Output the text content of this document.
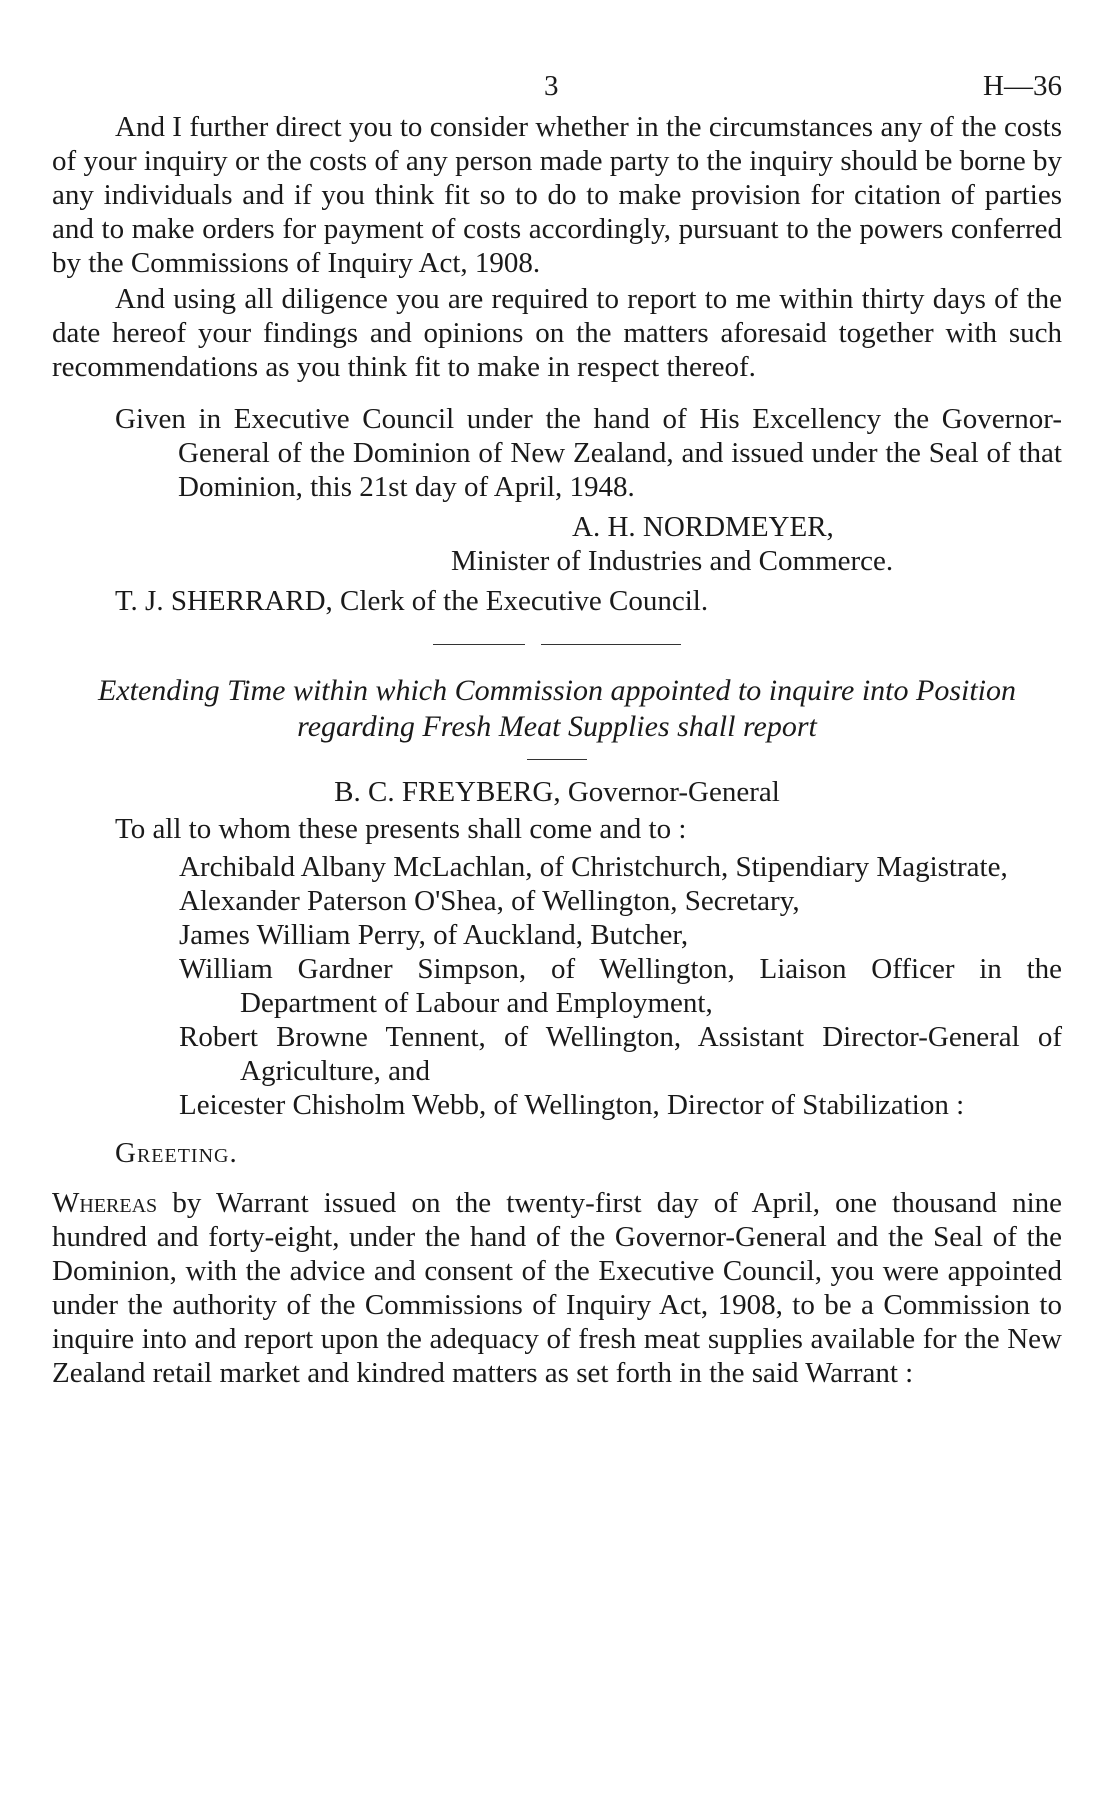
3	H—36

And I further direct you to consider whether in the circumstances any of the costs of your inquiry or the costs of any person made party to the inquiry should be borne by any individuals and if you think fit so to do to make provision for citation of parties and to make orders for payment of costs accordingly, pursuant to the powers conferred by the Commissions of Inquiry Act, 1908.

And using all diligence you are required to report to me within thirty days of the date hereof your findings and opinions on the matters aforesaid together with such recommendations as you think fit to make in respect thereof.

Given in Executive Council under the hand of His Excellency the Governor-General of the Dominion of New Zealand, and issued under the Seal of that Dominion, this 21st day of April, 1948.

A. H. NORDMEYER,

Minister of Industries and Commerce.

T. J. SHERRARD, Clerk of the Executive Council.

Extending Time within which Commission appointed to inquire into Position regarding Fresh Meat Supplies shall report

B. C. FREYBERG, Governor-General

To all to whom these presents shall come and to :

Archibald Albany McLachlan, of Christchurch, Stipendiary Magistrate,

Alexander Paterson O'Shea, of Wellington, Secretary,

James William Perry, of Auckland, Butcher,

William Gardner Simpson, of Wellington, Liaison Officer in the Department of Labour and Employment,

Robert Browne Tennent, of Wellington, Assistant Director-General of Agriculture, and

Leicester Chisholm Webb, of Wellington, Director of Stabilization :

Greeting.

Whereas by Warrant issued on the twenty-first day of April, one thousand nine hundred and forty-eight, under the hand of the Governor-General and the Seal of the Dominion, with the advice and consent of the Executive Council, you were appointed under the authority of the Commissions of Inquiry Act, 1908, to be a Commission to inquire into and report upon the adequacy of fresh meat supplies available for the New Zealand retail market and kindred matters as set forth in the said Warrant :
